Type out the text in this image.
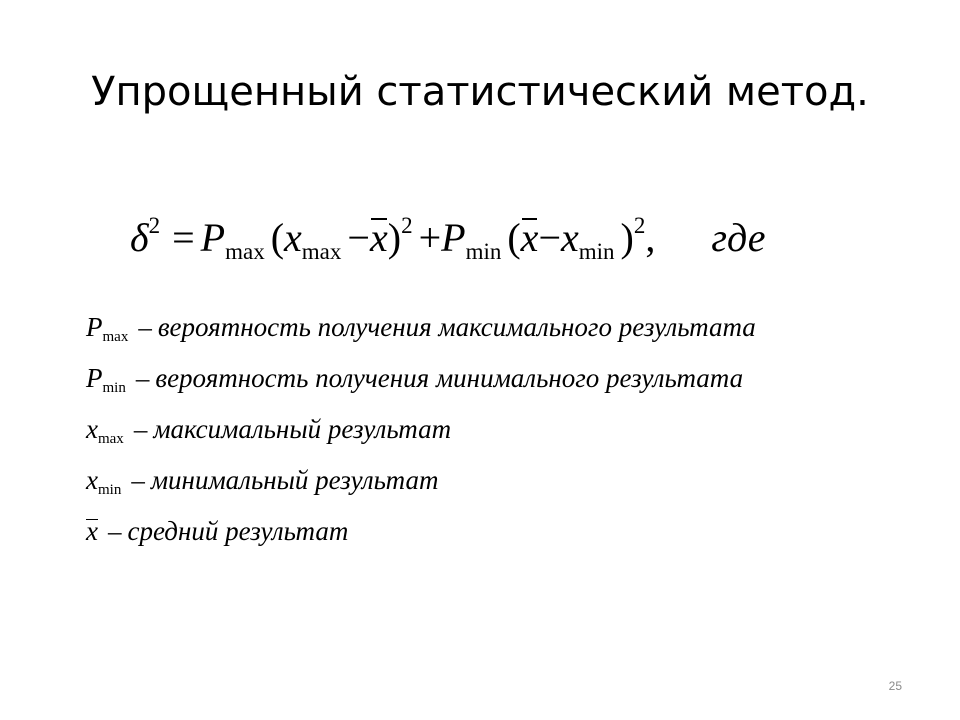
Упрощенный статистический метод.
$\delta^2 = P_{max}$ $(x_{max} -x)^2 +P_{min}$ ($x-x_{min}$ )$^2$, где
$P_{max}$ – вероятность получения максимального результата
$P_{min}$ – вероятность получения минимального результата
$x_{max}$ – максимальный результат
$x_{min}$ – минимальный результат
x – средний результат
25
